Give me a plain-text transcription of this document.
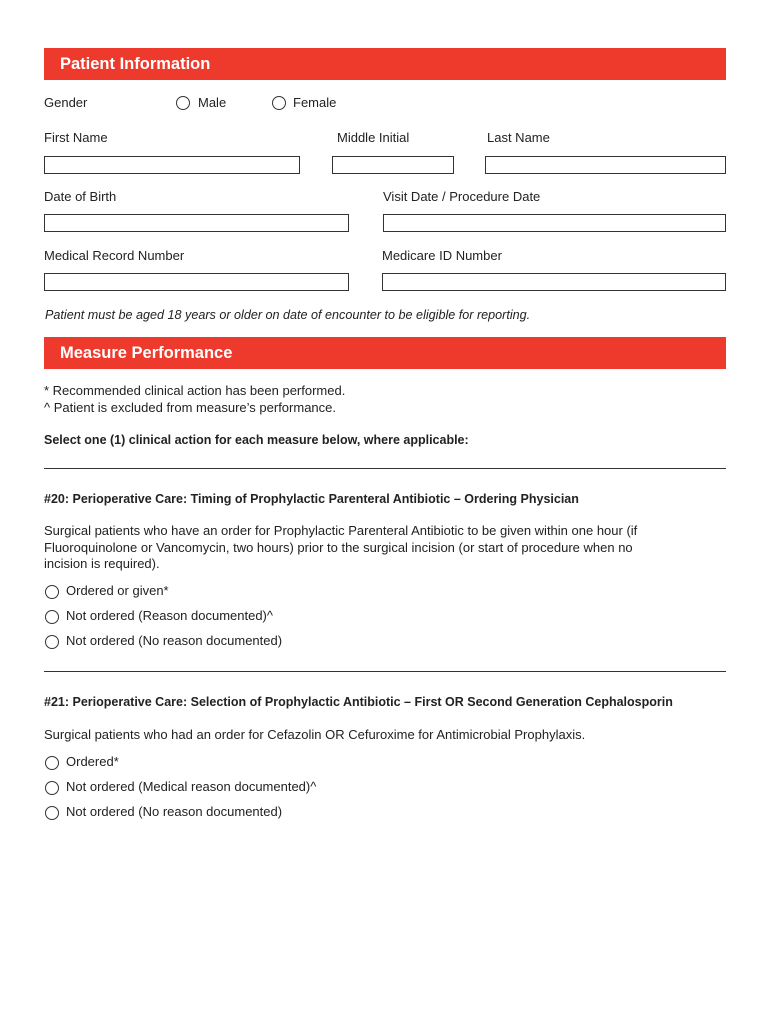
Patient Information
Gender	Male	Female
First Name	Middle Initial	Last Name
Date of Birth	Visit Date / Procedure Date
Medical Record Number	Medicare ID Number
Patient must be aged 18 years or older on date of encounter to be eligible for reporting.
Measure Performance
* Recommended clinical action has been performed.
^ Patient is excluded from measure’s performance.
Select one (1) clinical action for each measure below, where applicable:
#20: Perioperative Care: Timing of Prophylactic Parenteral Antibiotic – Ordering Physician
Surgical patients who have an order for Prophylactic Parenteral Antibiotic to be given within one hour (if
Fluoroquinolone or Vancomycin, two hours) prior to the surgical incision (or start of procedure when no
incision is required).
Ordered or given*
Not ordered (Reason documented)^
Not ordered (No reason documented)
#21: Perioperative Care: Selection of Prophylactic Antibiotic – First OR Second Generation Cephalosporin
Surgical patients who had an order for Cefazolin OR Cefuroxime for Antimicrobial Prophylaxis.
Ordered*
Not ordered (Medical reason documented)^
Not ordered (No reason documented)
